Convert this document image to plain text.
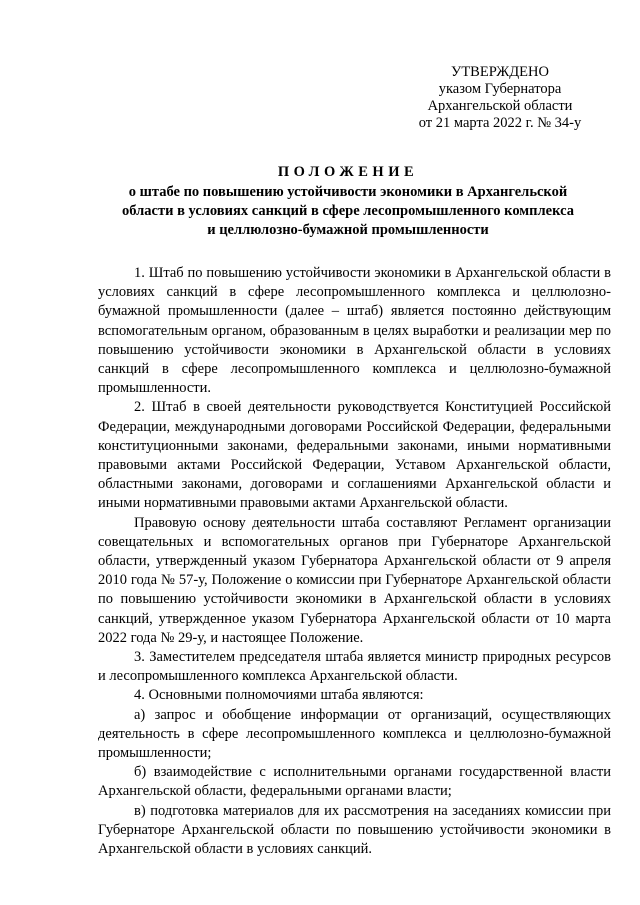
УТВЕРЖДЕНО
указом Губернатора
Архангельской области
от 21 марта 2022 г. № 34-у
ПОЛОЖЕНИЕ
о штабе по повышению устойчивости экономики в Архангельской
области в условиях санкций в сфере лесопромышленного комплекса
и целлюлозно-бумажной промышленности

1. Штаб по повышению устойчивости экономики в Архангельской области в условиях санкций в сфере лесопромышленного комплекса и целлюлозно-бумажной промышленности (далее – штаб) является постоянно действующим вспомогательным органом, образованным в целях выработки и реализации мер по повышению устойчивости экономики в Архангельской области в условиях санкций в сфере лесопромышленного комплекса и целлюлозно-бумажной промышленности.

2. Штаб в своей деятельности руководствуется Конституцией Российской Федерации, международными договорами Российской Федерации, федеральными конституционными законами, федеральными законами, иными нормативными правовыми актами Российской Федерации, Уставом Архангельской области, областными законами, договорами и соглашениями Архангельской области и иными нормативными правовыми актами Архангельской области.

Правовую основу деятельности штаба составляют Регламент организации совещательных и вспомогательных органов при Губернаторе Архангельской области, утвержденный указом Губернатора Архангельской области от 9 апреля 2010 года № 57-у, Положение о комиссии при Губернаторе Архангельской области по повышению устойчивости экономики в Архангельской области в условиях санкций, утвержденное указом Губернатора Архангельской области от 10 марта 2022 года № 29-у, и настоящее Положение.

3. Заместителем председателя штаба является министр природных ресурсов и лесопромышленного комплекса Архангельской области.

4. Основными полномочиями штаба являются:

а) запрос и обобщение информации от организаций, осуществляющих деятельность в сфере лесопромышленного комплекса и целлюлозно-бумажной промышленности;

б) взаимодействие с исполнительными органами государственной власти Архангельской области, федеральными органами власти;

в) подготовка материалов для их рассмотрения на заседаниях комиссии при Губернаторе Архангельской области по повышению устойчивости экономики в Архангельской области в условиях санкций.
